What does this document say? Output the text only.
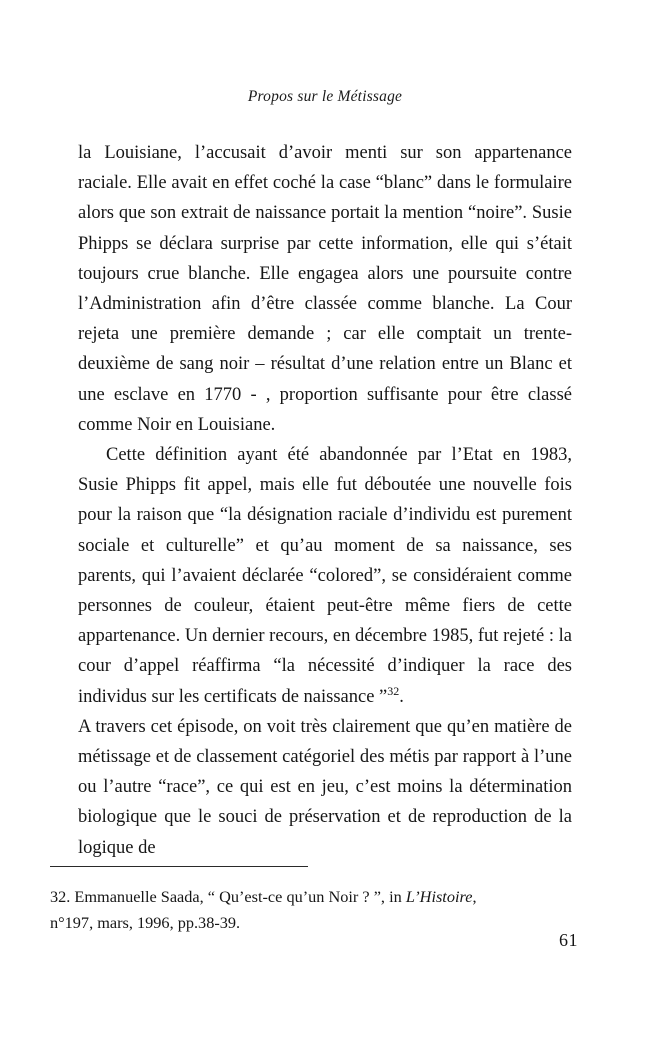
Propos sur le Métissage

la Louisiane, l’accusait d’avoir menti sur son appartenance raciale. Elle avait en effet coché la case “blanc” dans le formulaire alors que son extrait de naissance portait la mention “noire”. Susie Phipps se déclara surprise par cette information, elle qui s’était toujours crue blanche. Elle engagea alors une poursuite contre l’Administration afin d’être classée comme blanche. La Cour rejeta une première demande ; car elle comptait un trente-deuxième de sang noir – résultat d’une relation entre un Blanc et une esclave en 1770 - , proportion suffisante pour être classé comme Noir en Louisiane.

Cette définition ayant été abandonnée par l’Etat en 1983, Susie Phipps fit appel, mais elle fut déboutée une nouvelle fois pour la raison que “la désignation raciale d’individu est purement sociale et culturelle” et qu’au moment de sa naissance, ses parents, qui l’avaient déclarée “colored”, se considéraient comme personnes de couleur, étaient peut-être même fiers de cette appartenance. Un dernier recours, en décembre 1985, fut rejeté : la cour d’appel réaffirma “la nécessité d’indiquer la race des individus sur les certificats de naissance ”$^{32}$.

A travers cet épisode, on voit très clairement que qu’en matière de métissage et de classement catégoriel des métis par rapport à l’une ou l’autre “race”, ce qui est en jeu, c’est moins la détermination biologique que le souci de préservation et de reproduction de la logique de

32. Emmanuelle Saada, “ Qu’est-ce qu’un Noir ? ”, in L’Histoire,
n°197, mars, 1996, pp.38-39.

61
